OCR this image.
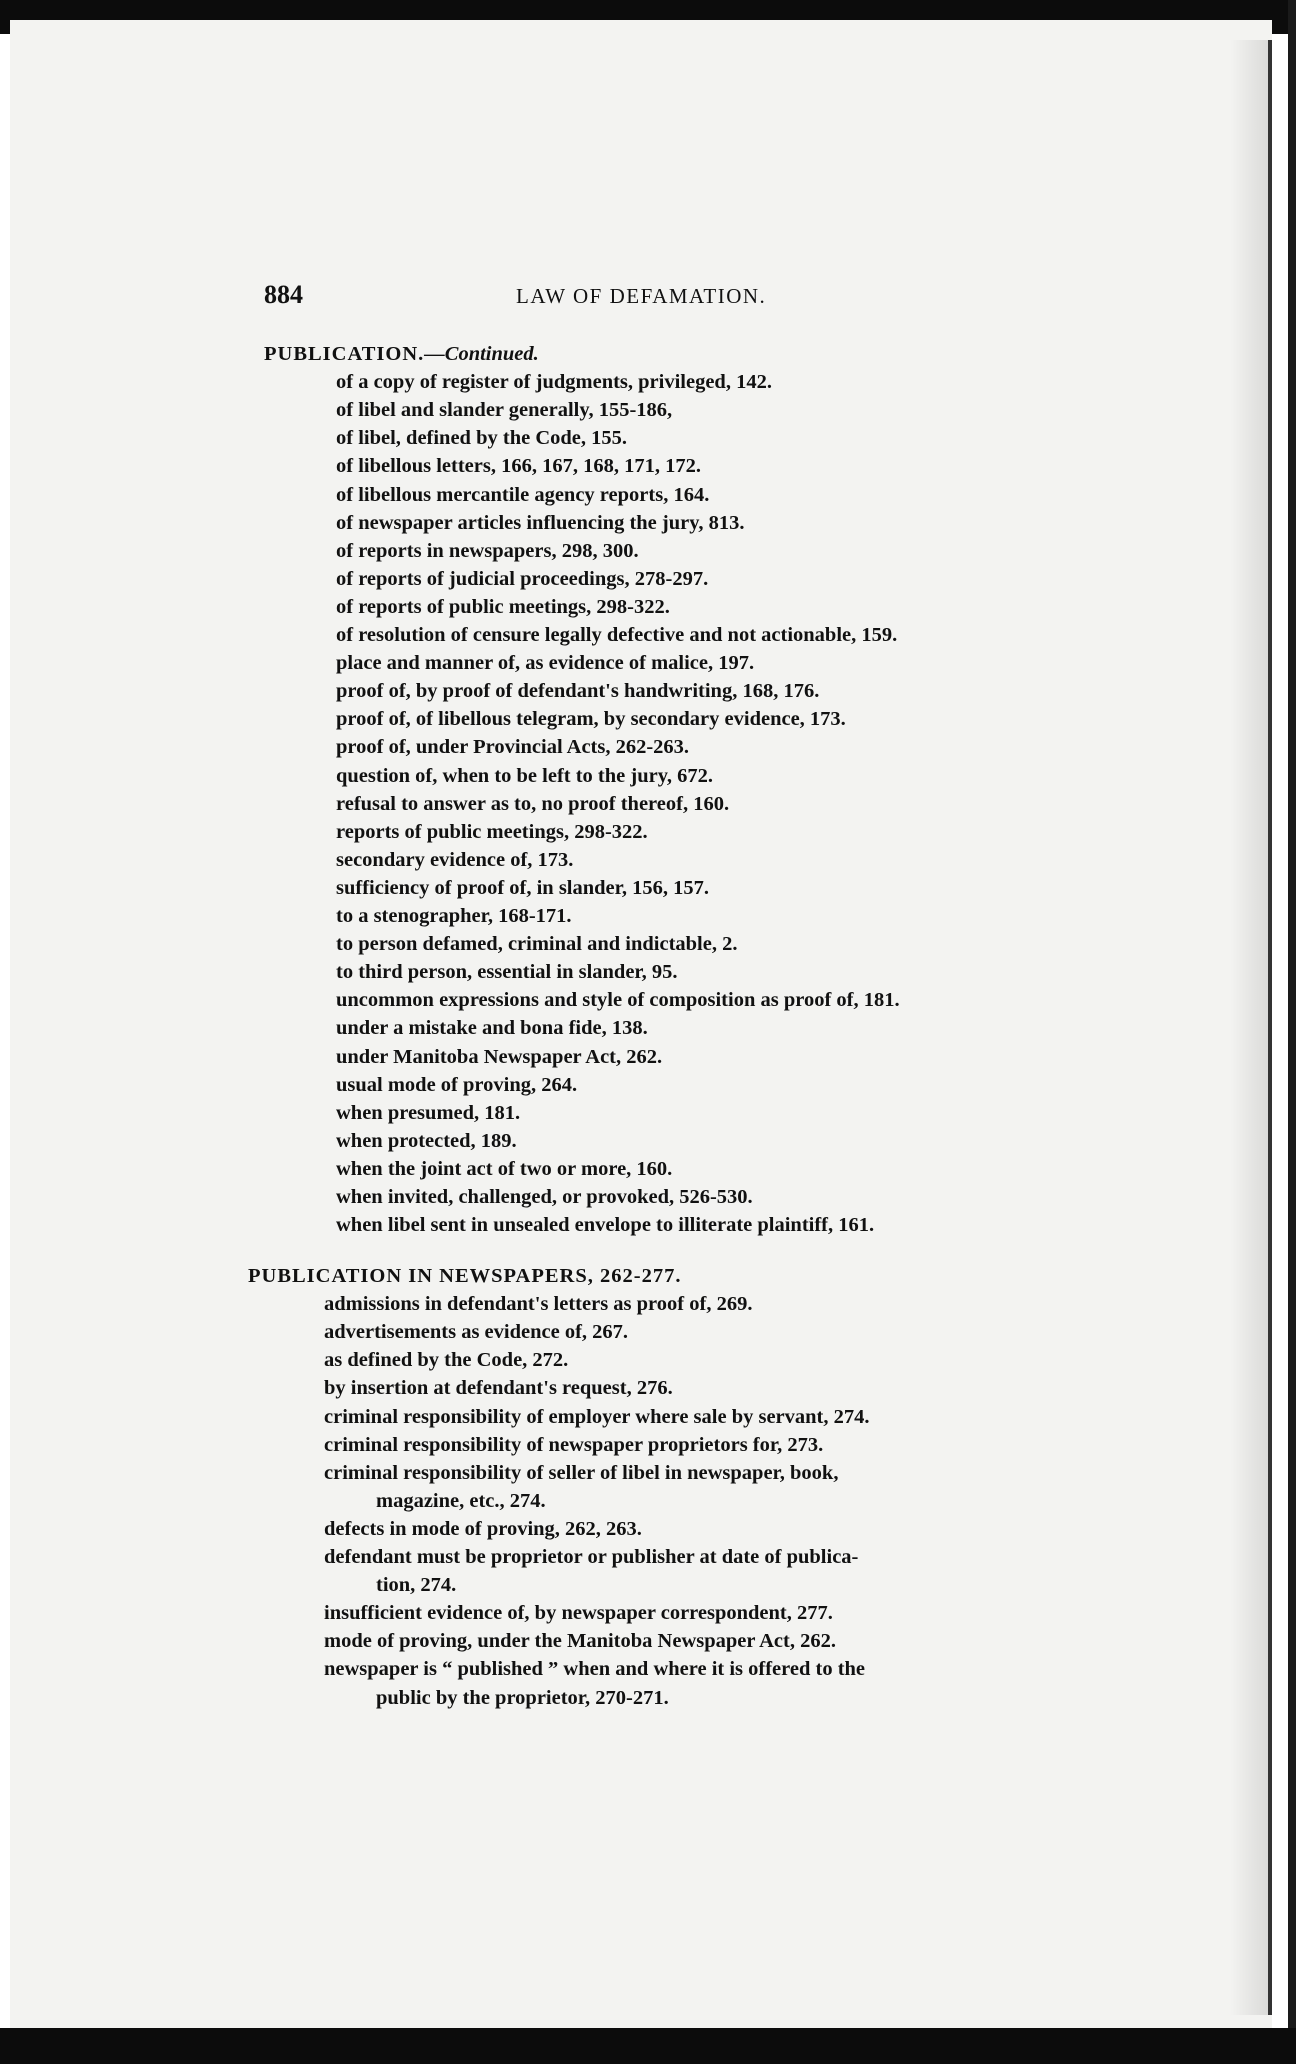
884	LAW OF DEFAMATION.
PUBLICATION.—Continued.
of a copy of register of judgments, privileged, 142.
of libel and slander generally, 155-186,
of libel, defined by the Code, 155.
of libellous letters, 166, 167, 168, 171, 172.
of libellous mercantile agency reports, 164.
of newspaper articles influencing the jury, 813.
of reports in newspapers, 298, 300.
of reports of judicial proceedings, 278-297.
of reports of public meetings, 298-322.
of resolution of censure legally defective and not actionable, 159.
place and manner of, as evidence of malice, 197.
proof of, by proof of defendant's handwriting, 168, 176.
proof of, of libellous telegram, by secondary evidence, 173.
proof of, under Provincial Acts, 262-263.
question of, when to be left to the jury, 672.
refusal to answer as to, no proof thereof, 160.
reports of public meetings, 298-322.
secondary evidence of, 173.
sufficiency of proof of, in slander, 156, 157.
to a stenographer, 168-171.
to person defamed, criminal and indictable, 2.
to third person, essential in slander, 95.
uncommon expressions and style of composition as proof of, 181.
under a mistake and bona fide, 138.
under Manitoba Newspaper Act, 262.
usual mode of proving, 264.
when presumed, 181.
when protected, 189.
when the joint act of two or more, 160.
when invited, challenged, or provoked, 526-530.
when libel sent in unsealed envelope to illiterate plaintiff, 161.
PUBLICATION IN NEWSPAPERS, 262-277.
admissions in defendant's letters as proof of, 269.
advertisements as evidence of, 267.
as defined by the Code, 272.
by insertion at defendant's request, 276.
criminal responsibility of employer where sale by servant, 274.
criminal responsibility of newspaper proprietors for, 273.
criminal responsibility of seller of libel in newspaper, book,
magazine, etc., 274.
defects in mode of proving, 262, 263.
defendant must be proprietor or publisher at date of publica-
tion, 274.
insufficient evidence of, by newspaper correspondent, 277.
mode of proving, under the Manitoba Newspaper Act, 262.
newspaper is “ published ” when and where it is offered to the
public by the proprietor, 270-271.
